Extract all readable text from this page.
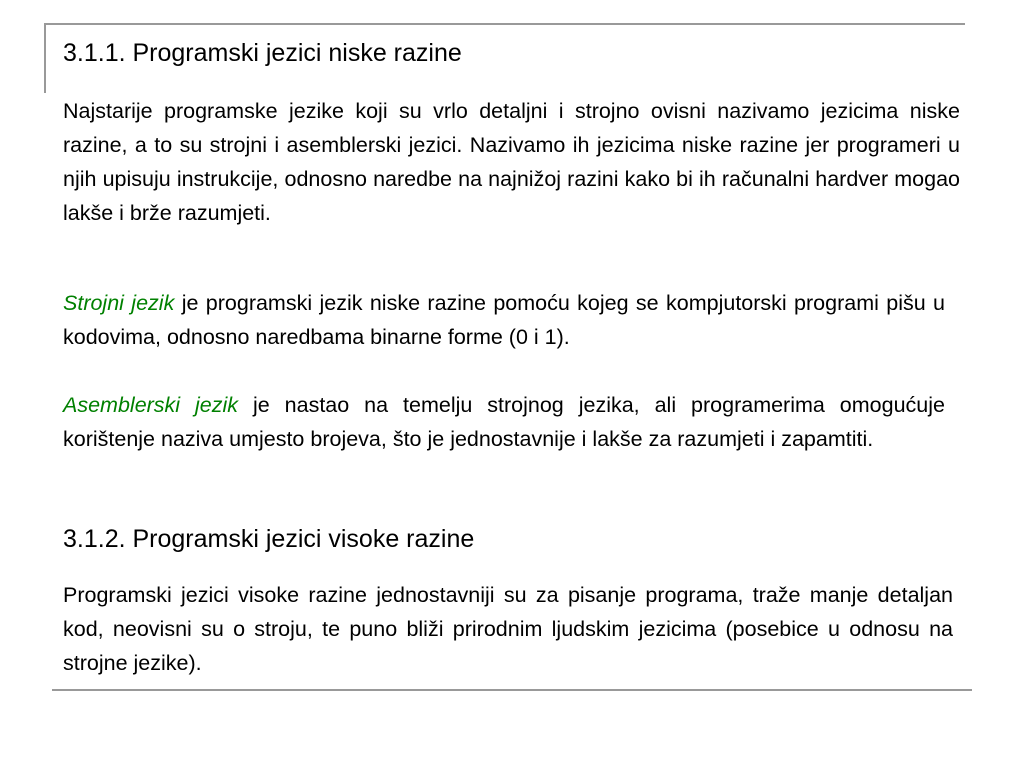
3.1.1. Programski jezici niske razine

Najstarije programske jezike koji su vrlo detaljni i strojno ovisni nazivamo jezicima niske razine, a to su strojni i asemblerski jezici. Nazivamo ih jezicima niske razine jer programeri u njih upisuju instrukcije, odnosno naredbe na najnižoj razini kako bi ih računalni hardver mogao lakše i brže razumjeti.

Strojni jezik je programski jezik niske razine pomoću kojeg se kompjutorski programi pišu u kodovima, odnosno naredbama binarne forme (0 i 1).

Asemblerski jezik je nastao na temelju strojnog jezika, ali programerima omogućuje korištenje naziva umjesto brojeva, što je jednostavnije i lakše za razumjeti i zapamtiti.

3.1.2. Programski jezici visoke razine

Programski jezici visoke razine jednostavniji su za pisanje programa, traže manje detaljan kod, neovisni su o stroju, te puno bliži prirodnim ljudskim jezicima (posebice u odnosu na strojne jezike).
